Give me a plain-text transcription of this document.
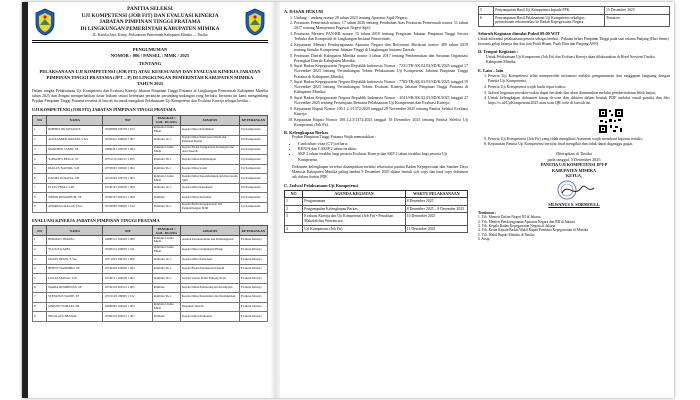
PANITIA SELEKSI
UJI KOMPETENSI (JOB FIT) DAN EVALUASI KINERJA
JABATAN PIMPINAN TINGGI PRATAMA
DI LINGKUNGAN PEMERINTAH KABUPATEN MIMIKA
JL. Kartika Jaya, Komp. Perkantoran Pemerintah Kabupaten Mimika — Timika
PENGUMUMAN
NOMOR : 006 / PANSEL / MMK / 2025
TENTANG
PELAKSANAAN UJI KOMPETENSI (JOB FIT) ATAU KESESUAIAN DAN EVALUASI KINERJA JABATAN PIMPINAN TINGGI PRATAMA (JPT – P) DI LINGKUNGAN PEMERINTAH KABUPATEN MIMIKA
TAHUN 2025
Dalam rangka Pelaksanaan Uji Kompetensi dan Evaluasi Kinerja Jabatan Pimpinan Tinggi Pratama di Lingkungan Pemerintah Kabupaten Mimika tahun 2025 dan dengan memperhatikan dasar hukum sesuai ketentuan peraturan perundang-undangan yang berlaku, bersama ini kami mengundang Pejabat Pimpinan Tinggi Pratama tersebut di bawah ini untuk mengikuti Pelaksanaan Uji Kompetensi dan Evaluasi Kinerja sebagai berikut :
UJI KOMPETENSI (JOB FIT) JABATAN PIMPINAN TINGGI PRATAMA
NO	NAMA	NIP	PANGKAT / GOL. RUANG	JABATAN	KETERANGAN
1	ROBERT OKTAVIANUS	19700808 199703 1 012	Pembina Utama Muda	Kepala Dinas Pendidikan	Uji Kompetensi
2	ALEXANDER WAKUM, S.Sos	19720415 199803 1 007	Pembina Tk. I	Kepala Dinas Pekerjaan Umum dan Penataan Ruang	Uji Kompetensi
3	MARTHEN TANDI, SE	19690321 199503 1 004	Pembina Utama Muda	Kepala Badan Pengelolaan Keuangan dan Aset Daerah	Uji Kompetensi
4	YOHANES BELLA, ST	19751110 200212 1 003	Pembina Tk. I	Kepala Dinas Perhubungan	Uji Kompetensi
5	PAULUS NAWIPA, S.IP	19730602 199902 1 002	Pembina Tk. I	Kepala Dinas Sosial	Uji Kompetensi
6	DANIEL KOGOYA, SH	19710918 199703 1 005	Pembina Utama Muda	Kepala Dinas Kependudukan dan Pencatatan Sipil	Uji Kompetensi
7	ELIAS TEBAI, S.Pd	19740125 200003 1 006	Pembina Tk. I	Kepala Dinas Kesehatan	Uji Kompetensi
8	SIMON RUMAINUM, SE	19760707 200312 1 009	Pembina	Kepala Dinas Pertanian	Uji Kompetensi
9	ANDREAS MAGAI, S.Sos	19720830 199803 1 010	Pembina Tk. I	Kepala Badan Kepegawaian dan Pengembangan SDM	Uji Kompetensi
EVALUASI KINERJA JABATAN PIMPINAN TINGGI PRATAMA
NO	NAMA	NIP	PANGKAT / GOL. RUANG	JABATAN	KETERANGAN
1	HERMAN TIMANG	19680512 199403 1 008	Pembina Utama Muda	Asisten Perekonomian dan Pembangunan	Evaluasi Kinerja
2	YULIUS KAREL	19700214 199603 1 011	Pembina Utama Muda	Kepala Dinas Lingkungan Hidup	Evaluasi Kinerja
3	FRANS DEGEI, S.Sos	19711203 199703 1 006	Pembina Tk. I	Kepala Dinas Pariwisata	Evaluasi Kinerja
4	BENNY WANIMBO, SE	19730409 199903 1 004	Pembina Tk. I	Kepala Badan Pendapatan Daerah	Evaluasi Kinerja
5	LUKAS MAYAU, S.IP	19740721 200003 1 002	Pembina Tk. I	Kepala Satuan Polisi Pamong Praja	Evaluasi Kinerja
6	MARIA RUMBEWAS, SE	19750316 200112 2 005	Pembina	Kepala Dinas Pemberdayaan Perempuan	Evaluasi Kinerja
7	STEFANUS WAINE, ST	19721128 199803 1 012	Pembina Tk. I	Kepala Dinas Perumahan dan Permukiman	Evaluasi Kinerja
8	GERSON YOMAKI, SH	19690905 199503 1 003	Pembina Utama Muda	Inspektur Daerah	Evaluasi Kinerja
9	NIKOLAUS BEANAL	19760210 200212 1 007	Pembina	Kepala Dinas Perikanan	Evaluasi Kinerja
A. DASAR HUKUM
1. Undang – undang nomor 20 tahun 2023 tentang Aparatur Sipil Negara;
2. Peraturan Pemerintah nomor 17 tahun 2020 tentang Perubahan Atas Peraturan Pemerintah nomor 11 tahun 2017 tentang Manajemen Pegawai Negeri Sipil;
3. Peraturan Menteri PAN-RB nomor 15 tahun 2019 tentang Pengisian Jabatan Pimpinan Tinggi Secara Terbuka dan Kompetitif di Lingkungan Instansi Pemerintah;
4. Keputusan Menteri Pendayagunaan Aparatur Negara dan Reformasi Birokrasi nomor 409 tahun 2019 tentang Standar Kompetensi Jabatan Tinggi di Lingkungan Instansi Daerah;
5. Peraturan Daerah Kabupaten Mimika nomor 4 tahun 2017 tentang Pembentukan dan Susunan Organisasi Perangkat Daerah Kabupaten Mimika;
6. Surat Badan Kepegawaian Negara Republik Indonesia Nomor : 7231/TR-AK.02.03/SD/K/2025 tanggal 17 November 2025 tentang Pertimbangan Teknis Pelaksanaan Uji Kompetensi Jabatan Pimpinan Tinggi Pratama di Kabupaten Mimika;
7. Surat Badan Kepegawaian Negara Republik Indonesia Nomor : 7783/TR-AK.02.03/SD/K/2025 tanggal 19 November 2025 tentang Pertimbangan Teknis Evaluasi Kinerja Jabatan Pimpinan Tinggi Pratama di Kabupaten Mimika;
8. Surat Badan Kepegawaian Negara Republik Indonesia Nomor : 2041/SR/AK.02.03/SD/K/2025 tanggal 27 November 2025 tentang Persetujuan Rencana Pelaksanaan Uji Kompetensi dan Evaluasi Kinerja;
9. Keputusan Bupati Nomor 100.1.2.3/1372/2025 tanggal 28 November 2025 tentang Panitia Seleksi Evaluasi Kinerja;
10. Keputusan Bupati Nomor 100.1.2.3/1372/2025 tanggal 10 Desember 2025 tentang Panitia Seleksi Uji Kompetensi (Job Fit).
B. Kelengkapan Berkas
Pejabat Pimpinan Tinggi Pratama Wajib memasukkan :
• Curriculum vitae (CV) terbaru;
• RENJA dan LAKIP 2 tahun terakhir;
• SKP 2 tahun terakhir bagi peserta Evaluasi Kinerja dan SKP 2 tahun terakhir bagi peserta Uji Kompetensi.
Dokumen kelengkapan tersebut disampaikan melalui sekretariat panitia Badan Kepegawaian dan Sumber Daya Manusia Kabupaten Mimika paling lambat 9 Desember 2025 dalam bentuk soft copy dan hard copy dokumen asli dalam format PDF.
C. Jadwal Pelaksanaan Uji Kompetensi
NO	AGENDA KEGIATAN	WAKTU PELAKSANAAN
1	Pengumuman	8 Desember 2025
2	Pengumpulan Kelengkapan Berkas	8 Desember 2025 – 9 Desember 2025
3	Evaluasi Kinerja dan Uji Kompetensi (Job Fit) • Penulisan Makalah dan Wawancara	10 Desember 2025
4	Uji Kompetensi (Job Fit)	11 Desember 2025
5	Penyampaian Hasil Uji Kompetensi kepada PPK	15 Desember 2025
6	Penyampaian Hasil Pelaksanaan Uji Kompetensi sekaligus permohonan rekomendasi ke Badan Kepegawaian Negara	Tentative
Seluruh Kegiatan dimulai Pukul 09.00 WIT
Untuk informasi pelaksanaan peserta sebagai berikut : Pakaian bebas Pimpinan Tinggi pada saat selama Panjang (Hari Senin) bersama gelap lainnya dan dan ton (Putih Hitam, Putih Biru dan Panjang ASN)
D. Tempat Kegiatan :
Untuk Pelaksanaan Uji Kompetensi (Job Fit) dan Evaluasi Kinerja akan dilaksanakan di Hotel Serviem Timika Kabupaten Mimika.
E. Lain – lain
1. Peserta Uji Kompetensi telah memperoleh informasi melalui pengumuman dan tanggapan langsung dengan Panitia Uji Kompetensi;
2. Peserta Uji Kompetensi wajib hadir tepat waktu;
3. Jadwal kegiatan sewaktu-waktu dapat berubah dan akan diumumkan melalui pemberitahuan lebih lanjut;
4. Untuk kelengkapan dokumen harap di-scan dan dikirim dalam bentuk PDF melalui email panitia dan file: https://s.id/UjiKompetensi2025 atau scan QR code di bawah ini.
5. Peserta Uji Kompetensi (Job Fit) yang tidak mengikuti Asesmen wajib membuat laporan tertulis;
6. Keputusan Panitia Uji Kompetensi bersifat final mengikat dan tidak dapat diganggu gugat.
Ditetapkan di Timika
pada tanggal, 5 Desember 2025
PANITIA UJI KOMPETENSI JPT-P
KABUPATEN MIMIKA
KETUA,
SILWANUS S. SORMOULL
Tembusan :
1. Yth. Menteri Dalam Negeri RI di Jakarta
2. Yth. Menteri Pendayagunaan Aparatur Negara dan RB di Jakarta
3. Yth. Kepala Badan Kepegawaian Negara di Jakarta
4. Yth. Ketua Kepala Badan Wakil Bupati Pembina Kepegawaian di Mimika
5. Yth. Wakil Bupati Mimika di Timika
6. Arsip
